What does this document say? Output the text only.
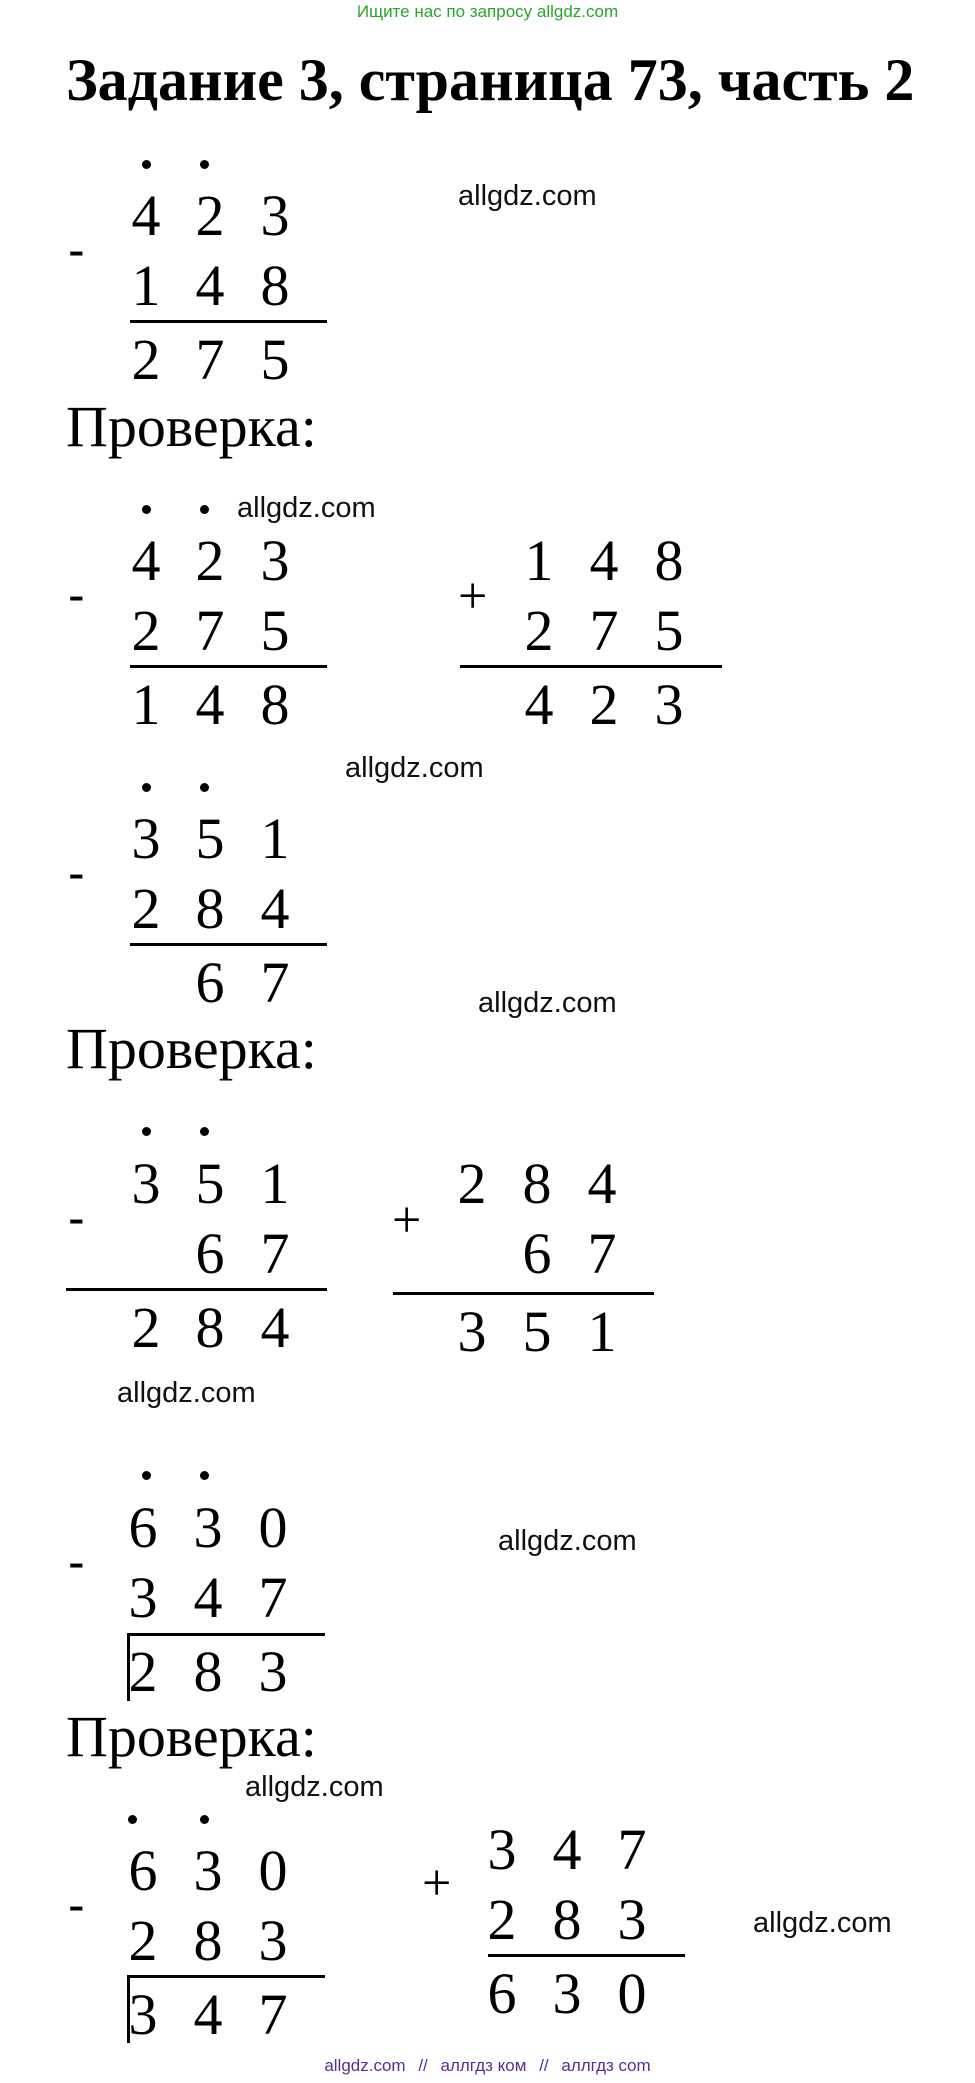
Ищите нас по запросу allgdz.com
Задание 3, страница 73, часть 2
-
4 2 3
1 4 8
2 7 5
allgdz.com
Проверка:
-
4 2 3
2 7 5
1 4 8
allgdz.com
+
1 4 8
2 7 5
4 2 3
-
3 5 1
2 8 4
6 7
allgdz.com
allgdz.com
Проверка:
-
3 5 1
6 7
2 8 4
+
2 8 4
6 7
3 5 1
allgdz.com
-
6 3 0
3 4 7
2 8 3
allgdz.com
Проверка:
allgdz.com
-
6 3 0
2 8 3
3 4 7
+
3 4 7
2 8 3
6 3 0
allgdz.com
allgdz.com // аллгдз ком // аллгдз com
